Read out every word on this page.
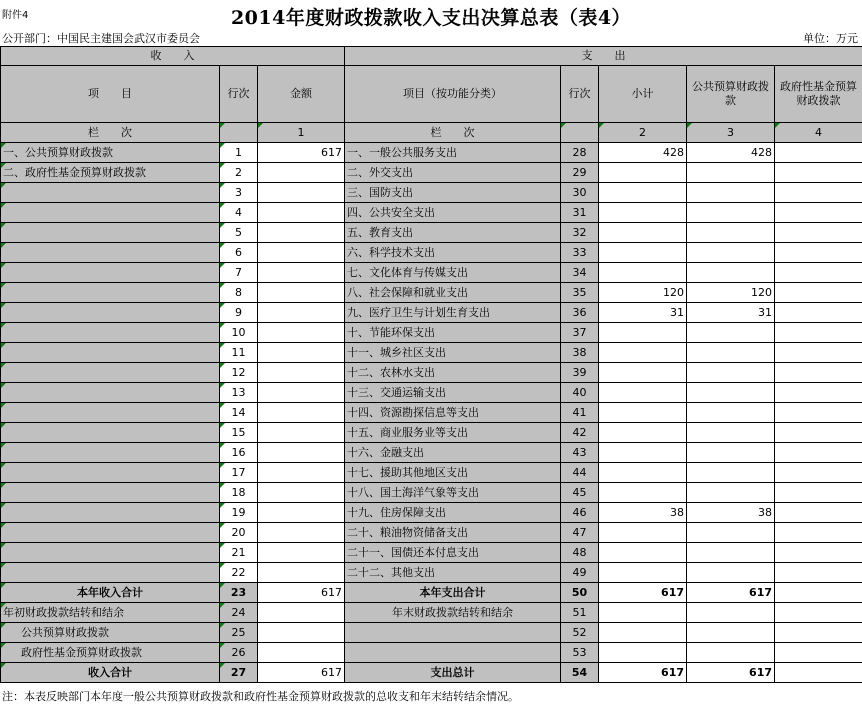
附件4	2014年度财政拨款收入支出决算总表（表4）
公开部门：中国民主建国会武汉市委员会	单位：万元
收　　入			支　　出				
项　　目	行次	金额	项目（按功能分类）	行次	小计	公共预算财政拨款	政府性基金预算财政拨款
栏　　次		1	栏　　次		2	3	4
一、公共预算财政拨款	1	617	一、一般公共服务支出	28	428	428	
二、政府性基金预算财政拨款	2		二、外交支出	29			
	3		三、国防支出	30			
	4		四、公共安全支出	31			
	5		五、教育支出	32			
	6		六、科学技术支出	33			
	7		七、文化体育与传媒支出	34			
	8		八、社会保障和就业支出	35	120	120	
	9		九、医疗卫生与计划生育支出	36	31	31	
	10		十、节能环保支出	37			
	11		十一、城乡社区支出	38			
	12		十二、农林水支出	39			
	13		十三、交通运输支出	40			
	14		十四、资源勘探信息等支出	41			
	15		十五、商业服务业等支出	42			
	16		十六、金融支出	43			
	17		十七、援助其他地区支出	44			
	18		十八、国土海洋气象等支出	45			
	19		十九、住房保障支出	46	38	38	
	20		二十、粮油物资储备支出	47			
	21		二十一、国债还本付息支出	48			
	22		二十二、其他支出	49			
本年收入合计	23	617	本年支出合计	50	617	617	
年初财政拨款结转和结余	24		年末财政拨款结转和结余	51			
公共预算财政拨款	25			52			
政府性基金预算财政拨款	26			53			
收入合计	27	617	支出总计	54	617	617	
注：本表反映部门本年度一般公共预算财政拨款和政府性基金预算财政拨款的总收支和年末结转结余情况。
